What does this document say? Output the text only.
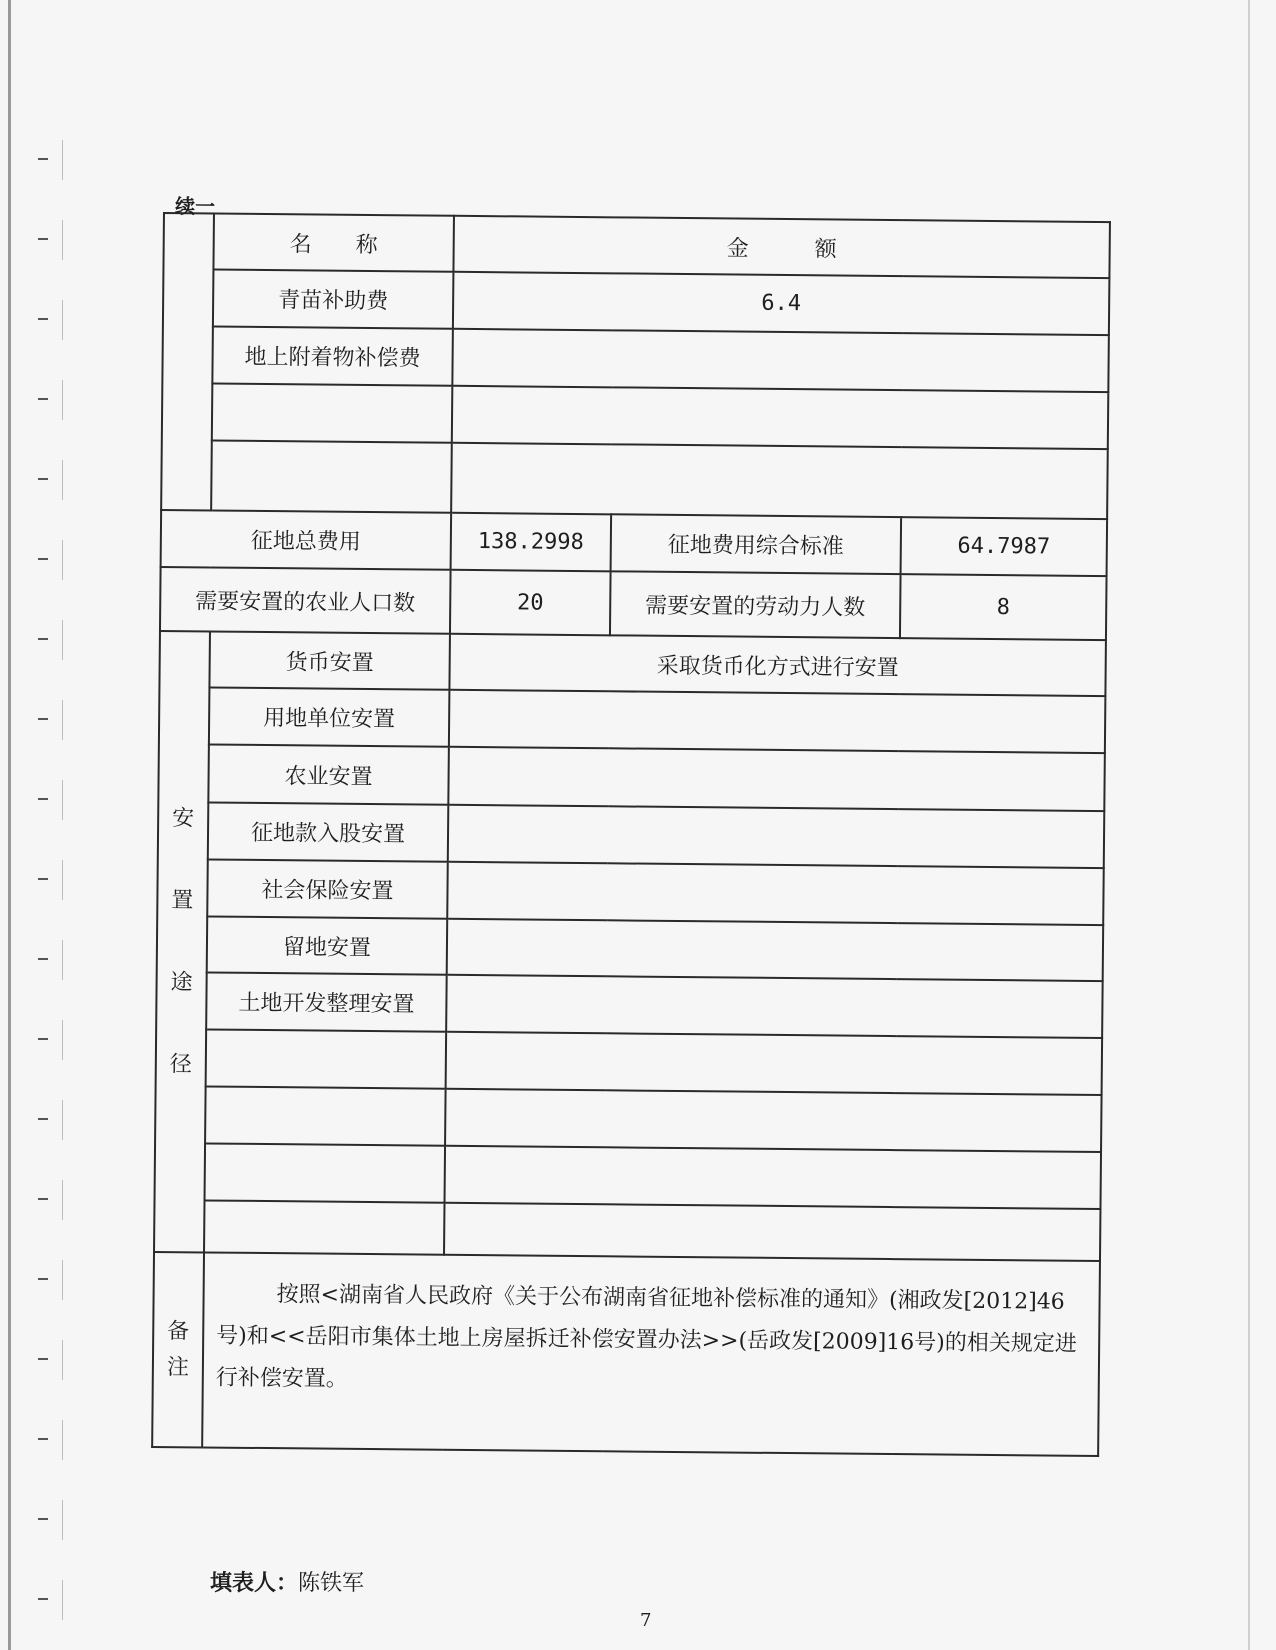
续一
	名　　称	金　　　额		
	青苗补助费	6.4		
	地上附着物补偿费			

征地总费用		138.2998	征地费用综合标准	64.7987
需要安置的农业人口数		20	需要安置的劳动力人数	8

安
置
途
径	货币安置	采取货币化方式进行安置		
	用地单位安置			
	农业安置			
	征地款入股安置			
	社会保险安置			
	留地安置			
	土地开发整理安置			

备
注	按照<湖南省人民政府《关于公布湖南省征地补偿标准的通知》(湘政发[2012]46 号)和<<岳阳市集体土地上房屋拆迁补偿安置办法>>(岳政发[2009]16号)的相关规定进行补偿安置。			
填表人：陈铁军
7
